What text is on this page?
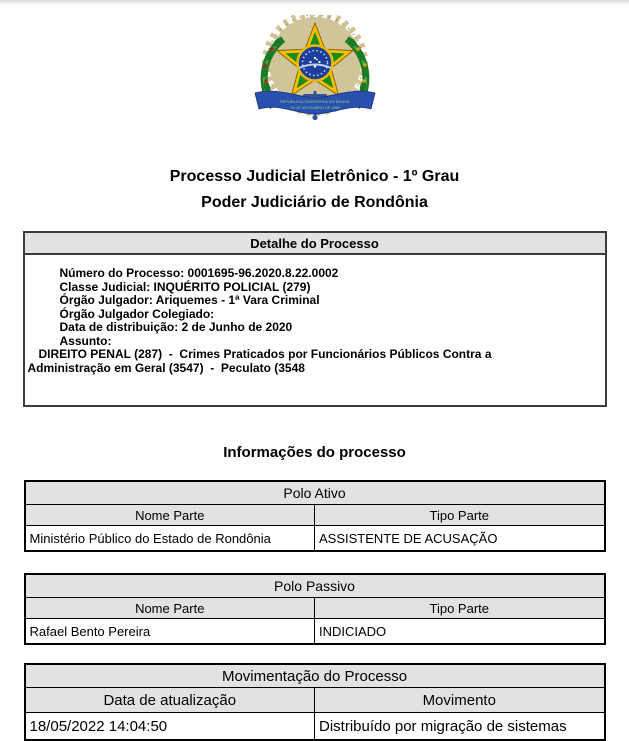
REPÚBLICA FEDERATIVA DO BRASIL
15 DE NOVEMBRO DE 1889
Processo Judicial Eletrônico - 1º Grau
Poder Judiciário de Rondônia
Detalhe do Processo
Número do Processo: 0001695-96.2020.8.22.0002
Classe Judicial: INQUÉRITO POLICIAL (279)
Órgão Julgador: Ariquemes - 1ª Vara Criminal
Órgão Julgador Colegiado:
Data de distribuição: 2 de Junho de 2020
Assunto:
DIREITO PENAL (287)  -  Crimes Praticados por Funcionários Públicos Contra a
Administração em Geral (3547)  -  Peculato (3548
Informações do processo
Polo Ativo	
Nome Parte	Tipo Parte
Ministério Público do Estado de Rondônia	ASSISTENTE DE ACUSAÇÃO
Polo Passivo	
Nome Parte	Tipo Parte
Rafael Bento Pereira	INDICIADO
Movimentação do Processo	
Data de atualização	Movimento
18/05/2022 14:04:50	Distribuído por migração de sistemas
